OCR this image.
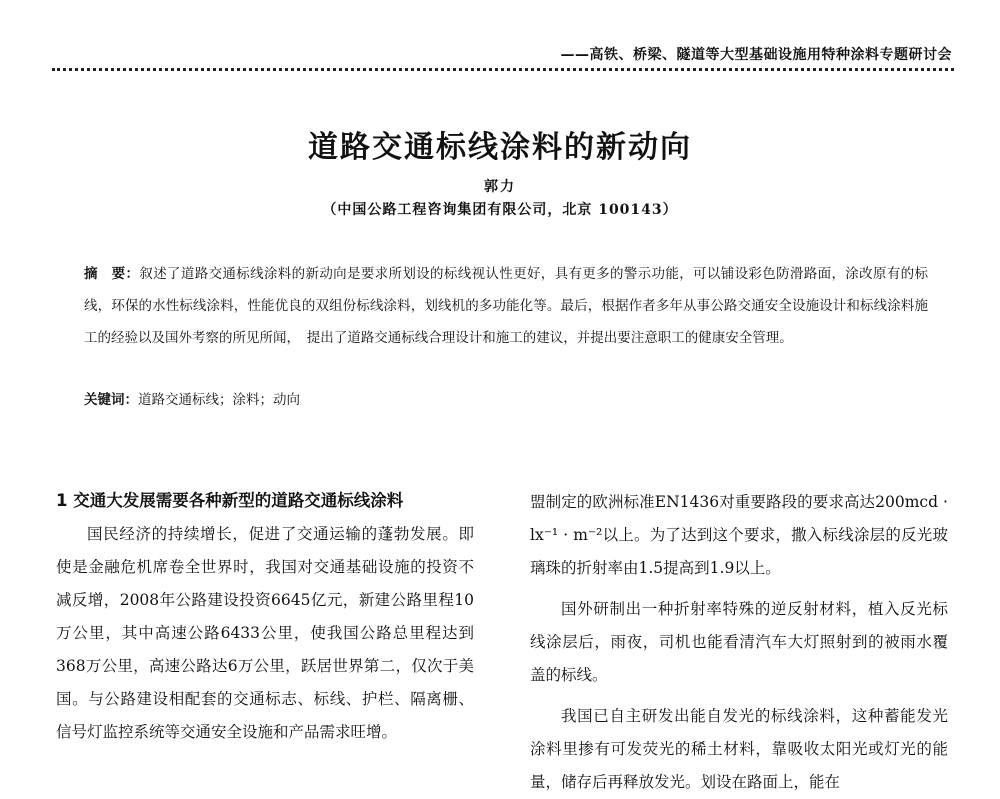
——高铁、桥梁、隧道等大型基础设施用特种涂料专题研讨会
道路交通标线涂料的新动向
郭力
（中国公路工程咨询集团有限公司，北京 100143）
摘　要：叙述了道路交通标线涂料的新动向是要求所划设的标线视认性更好，具有更多的警示功能，可以铺设彩色防滑路面，涂改原有的标线，环保的水性标线涂料，性能优良的双组份标线涂料，划线机的多功能化等。最后，根据作者多年从事公路交通安全设施设计和标线涂料施工的经验以及国外考察的所见所闻，　提出了道路交通标线合理设计和施工的建议，并提出要注意职工的健康安全管理。
关键词：道路交通标线；涂料；动向
1 交通大发展需要各种新型的道路交通标线涂料

国民经济的持续增长，促进了交通运输的蓬勃发展。即使是金融危机席卷全世界时，我国对交通基础设施的投资不减反增，2008年公路建设投资6645亿元，新建公路里程10万公里，其中高速公路6433公里，使我国公路总里程达到368万公里，高速公路达6万公里，跃居世界第二，仅次于美国。与公路建设相配套的交通标志、标线、护栏、隔离栅、信号灯监控系统等交通安全设施和产品需求旺增。

盟制定的欧洲标准EN1436对重要路段的要求高达200mcd · lx⁻¹ · m⁻²以上。为了达到这个要求，撒入标线涂层的反光玻璃珠的折射率由1.5提高到1.9以上。

国外研制出一种折射率特殊的逆反射材料，植入反光标线涂层后，雨夜，司机也能看清汽车大灯照射到的被雨水覆盖的标线。

我国已自主研发出能自发光的标线涂料，这种蓄能发光涂料里掺有可发荧光的稀土材料，靠吸收太阳光或灯光的能量，储存后再释放发光。划设在路面上，能在
